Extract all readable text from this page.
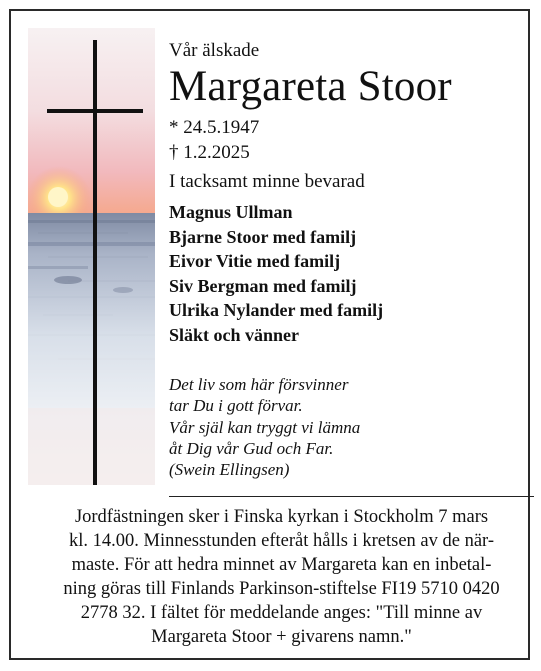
Vår älskade
Margareta Stoor
* 24.5.1947
† 1.2.2025
I tacksamt minne bevarad
Magnus Ullman
Bjarne Stoor med familj
Eivor Vitie med familj
Siv Bergman med familj
Ulrika Nylander med familj
Släkt och vänner
Det liv som här försvinner
tar Du i gott förvar.
Vår själ kan tryggt vi lämna
åt Dig vår Gud och Far.
(Swein Ellingsen)
Jordfästningen sker i Finska kyrkan i Stockholm 7 mars
kl. 14.00. Minnesstunden efteråt hålls i kretsen av de när-
maste. För att hedra minnet av Margareta kan en inbetal-
ning göras till Finlands Parkinson-stiftelse FI19 5710 0420
2778 32. I fältet för meddelande anges: "Till minne av
Margareta Stoor + givarens namn."
